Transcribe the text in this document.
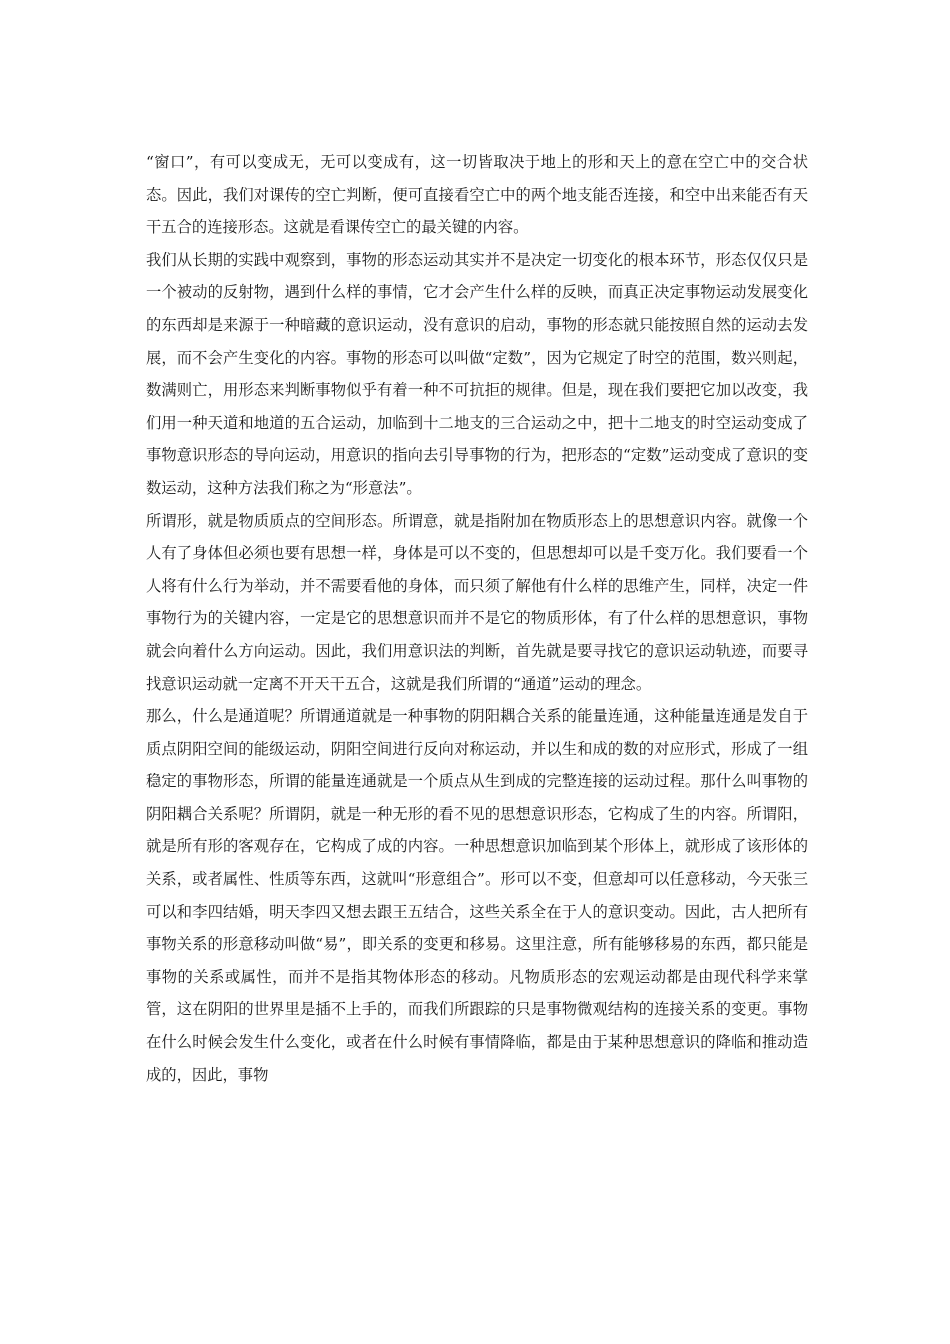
“窗口”，有可以变成无，无可以变成有，这一切皆取决于地上的形和天上的意在空亡中的交合状态。因此，我们对课传的空亡判断，便可直接看空亡中的两个地支能否连接，和空中出来能否有天干五合的连接形态。这就是看课传空亡的最关键的内容。

我们从长期的实践中观察到，事物的形态运动其实并不是决定一切变化的根本环节，形态仅仅只是一个被动的反射物，遇到什么样的事情，它才会产生什么样的反映，而真正决定事物运动发展变化的东西却是来源于一种暗藏的意识运动，没有意识的启动，事物的形态就只能按照自然的运动去发展，而不会产生变化的内容。事物的形态可以叫做“定数”，因为它规定了时空的范围，数兴则起，数满则亡，用形态来判断事物似乎有着一种不可抗拒的规律。但是，现在我们要把它加以改变，我们用一种天道和地道的五合运动，加临到十二地支的三合运动之中，把十二地支的时空运动变成了事物意识形态的导向运动，用意识的指向去引导事物的行为，把形态的“定数”运动变成了意识的变数运动，这种方法我们称之为“形意法”。

所谓形，就是物质质点的空间形态。所谓意，就是指附加在物质形态上的思想意识内容。就像一个人有了身体但必须也要有思想一样，身体是可以不变的，但思想却可以是千变万化。我们要看一个人将有什么行为举动，并不需要看他的身体，而只须了解他有什么样的思维产生，同样，决定一件事物行为的关键内容，一定是它的思想意识而并不是它的物质形体，有了什么样的思想意识，事物就会向着什么方向运动。因此，我们用意识法的判断，首先就是要寻找它的意识运动轨迹，而要寻找意识运动就一定离不开天干五合，这就是我们所谓的“通道”运动的理念。

那么，什么是通道呢？所谓通道就是一种事物的阴阳耦合关系的能量连通，这种能量连通是发自于质点阴阳空间的能级运动，阴阳空间进行反向对称运动，并以生和成的数的对应形式，形成了一组稳定的事物形态，所谓的能量连通就是一个质点从生到成的完整连接的运动过程。那什么叫事物的阴阳耦合关系呢？所谓阴，就是一种无形的看不见的思想意识形态，它构成了生的内容。所谓阳，就是所有形的客观存在，它构成了成的内容。一种思想意识加临到某个形体上，就形成了该形体的关系，或者属性、性质等东西，这就叫“形意组合”。形可以不变，但意却可以任意移动，今天张三可以和李四结婚，明天李四又想去跟王五结合，这些关系全在于人的意识变动。因此，古人把所有事物关系的形意移动叫做“易”，即关系的变更和移易。这里注意，所有能够移易的东西，都只能是事物的关系或属性，而并不是指其物体形态的移动。凡物质形态的宏观运动都是由现代科学来掌管，这在阴阳的世界里是插不上手的，而我们所跟踪的只是事物微观结构的连接关系的变更。事物在什么时候会发生什么变化，或者在什么时候有事情降临，都是由于某种思想意识的降临和推动造成的，因此，事物
